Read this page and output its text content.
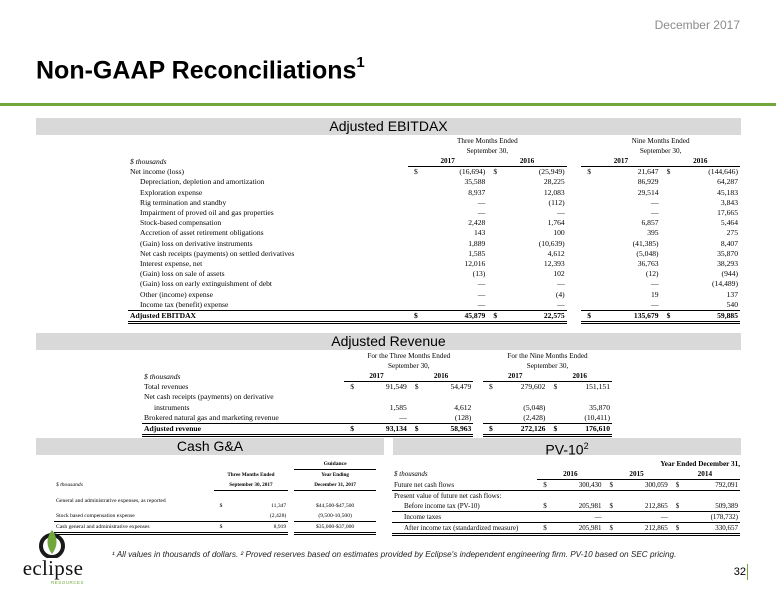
December 2017
Non-GAAP Reconciliations$^1$
Adjusted EBITDAX
	Three Months Ended					Nine Months Ended			
	September 30,					September 30,			
$ thousands	2017		2016			2017		2016	
Net income (loss)	$	(16,694)	$	(25,949)		$	21,647	$	(144,646)
Depreciation, depletion and amortization		35,588		28,225			86,929		64,287
Exploration expense		8,937		12,083			29,514		45,183
Rig termination and standby		—		(112)			—		3,843
Impairment of proved oil and gas properties		—		—			—		17,665
Stock-based compensation		2,428		1,764			6,857		5,464
Accretion of asset retirement obligations		143		100			395		275
(Gain) loss on derivative instruments		1,889		(10,639)			(41,385)		8,407
Net cash receipts (payments) on settled derivatives		1,585		4,612			(5,048)		35,870
Interest expense, net		12,016		12,393			36,763		38,293
(Gain) loss on sale of assets		(13)		102			(12)		(944)
(Gain) loss on early extinguishment of debt		—		—			—		(14,489)
Other (income) expense		—		(4)			19		137
Income tax (benefit) expense		—		—			—		540
Adjusted EBITDAX	$	45,879	$	22,575		$	135,679	$	59,885
Adjusted Revenue
	For the Three Months Ended					For the Nine Months Ended			
	September 30,					September 30,			
$ thousands	2017		2016			2017		2016	
Total revenues	$	91,549	$	54,479		$	279,602	$	151,151
Net cash receipts (payments) on derivative									
instruments		1,585		4,612			(5,048)		35,870
Brokered natural gas and marketing revenue		—		(128)			(2,428)		(10,411)
Adjusted revenue	$	93,134	$	58,963		$	272,126	$	176,610
Cash G&A
				Guidance
	Three Months Ended			Year Ending
$ thousands	September 30, 2017			December 31, 2017
General and administrative expenses, as reported	$	11,347		$44,500-$47,500
Stock based compensation expense		(2,428)		(9,500-10,500)
Cash general and administrative expenses	$	8,919		$35,000-$37,000
$PV-10^2$
	Year Ended December 31,					
$ thousands	2016		2015		2014	
Future net cash flows	$	300,430	$	300,059	$	792,091
Present value of future net cash flows:						
Before income tax (PV-10)	$	205,981	$	212,865	$	509,389
Income taxes		—		—		(178,732)
After income tax (standardized measure)	$	205,981	$	212,865	$	330,657
eclipse
RESOURCES
¹ All values in thousands of dollars. ² Proved reserves based on estimates provided by Eclipse's independent engineering firm. PV-10 based on SEC pricing.
32
